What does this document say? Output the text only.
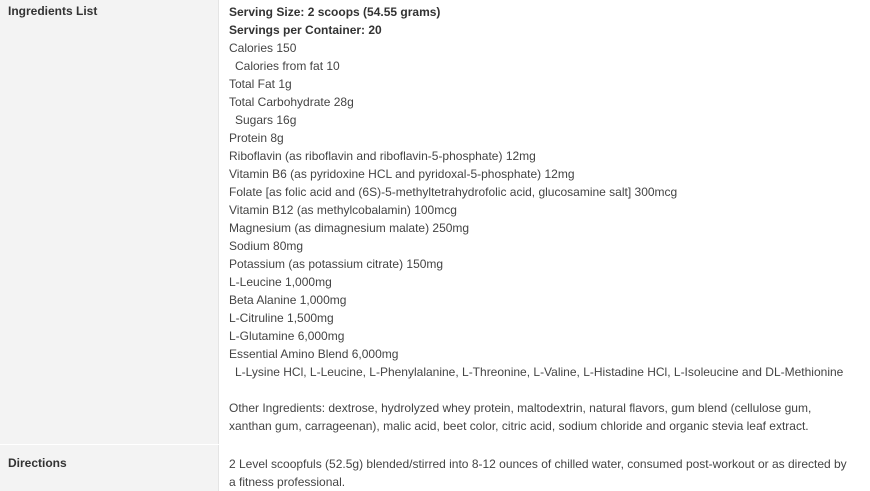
Ingredients List	Serving Size: 2 scoops (54.55 grams)
Servings per Container: 20
Calories 150
Calories from fat 10
Total Fat 1g
Total Carbohydrate 28g
Sugars 16g
Protein 8g
Riboflavin (as riboflavin and riboflavin-5-phosphate) 12mg
Vitamin B6 (as pyridoxine HCL and pyridoxal-5-phosphate) 12mg
Folate [as folic acid and (6S)-5-methyltetrahydrofolic acid, glucosamine salt] 300mcg
Vitamin B12 (as methylcobalamin) 100mcg
Magnesium (as dimagnesium malate) 250mg
Sodium 80mg
Potassium (as potassium citrate) 150mg
L-Leucine 1,000mg
Beta Alanine 1,000mg
L-Citruline 1,500mg
L-Glutamine 6,000mg
Essential Amino Blend 6,000mg
L-Lysine HCl, L-Leucine, L-Phenylalanine, L-Threonine, L-Valine, L-Histadine HCl, L-Isoleucine and DL-Methionine
Other Ingredients: dextrose, hydrolyzed whey protein, maltodextrin, natural flavors, gum blend (cellulose gum,
xanthan gum, carrageenan), malic acid, beet color, citric acid, sodium chloride and organic stevia leaf extract.
Directions	2 Level scoopfuls (52.5g) blended/stirred into 8-12 ounces of chilled water, consumed post-workout or as directed by
a fitness professional.
